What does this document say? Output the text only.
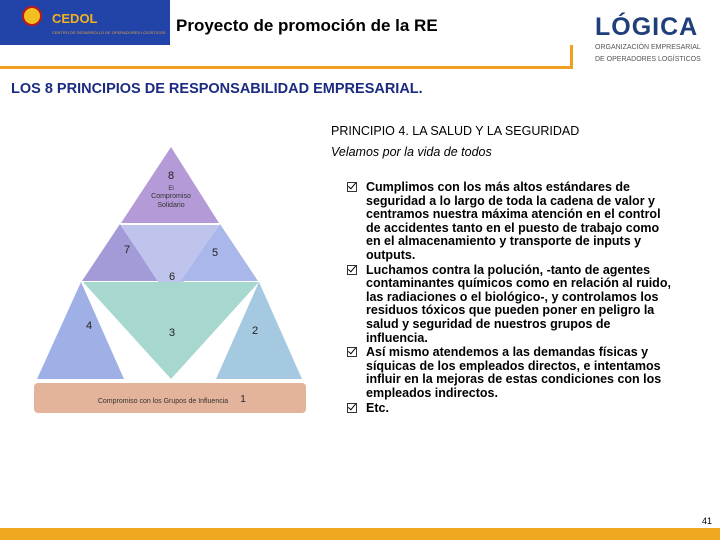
CEDOL
CENTRO DE DESARROLLO DE OPERADORES LOGÍSTICOS Proyecto de promoción de la RE	LÓGICA
ORGANIZACIÓN EMPRESARIAL
DE OPERADORES LOGÍSTICOS
LOS 8 PRINCIPIOS DE RESPONSABILIDAD EMPRESARIAL.
8
El
Compromiso
Solidario
7
6
5
4
3	2
Compromiso con los Grupos de Influencia 1
PRINCIPIO 4. LA SALUD Y LA SEGURIDAD
Velamos por la vida de todos
Cumplimos con los más altos estándares de seguridad a lo largo de toda la cadena de valor y centramos nuestra máxima atención en el control de accidentes tanto en el puesto de trabajo como en el almacenamiento y transporte de inputs y outputs.
Luchamos contra la polución, -tanto de agentes contaminantes químicos como en relación al ruido, las radiaciones o el biológico-, y controlamos los residuos tóxicos que pueden poner en peligro la salud y seguridad de nuestros grupos de influencia.
Así mismo atendemos a las demandas físicas y síquicas de los empleados directos, e intentamos influir en la mejoras de estas condiciones con los empleados indirectos.
Etc.
41
